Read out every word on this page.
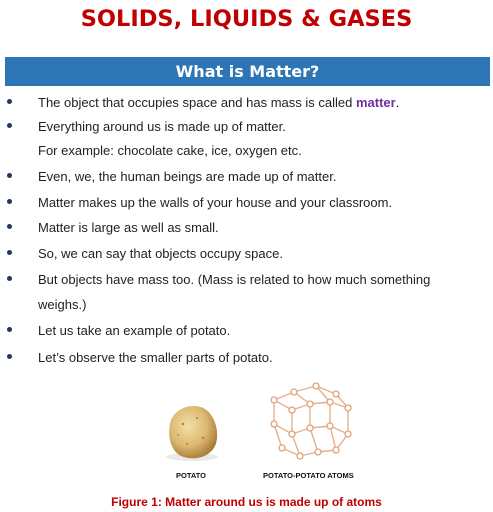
SOLIDS, LIQUIDS & GASES
What is Matter?
The object that occupies space and has mass is called matter.
Everything around us is made up of matter.
For example: chocolate cake, ice, oxygen etc.
Even, we, the human beings are made up of matter.
Matter makes up the walls of your house and your classroom.
Matter is large as well as small.
So, we can say that objects occupy space.
But objects have mass too. (Mass is related to how much something
weighs.)
Let us take an example of potato.
Let’s observe the smaller parts of potato.
POTATO	POTATO-POTATO ATOMS
Figure 1: Matter around us is made up of atoms
